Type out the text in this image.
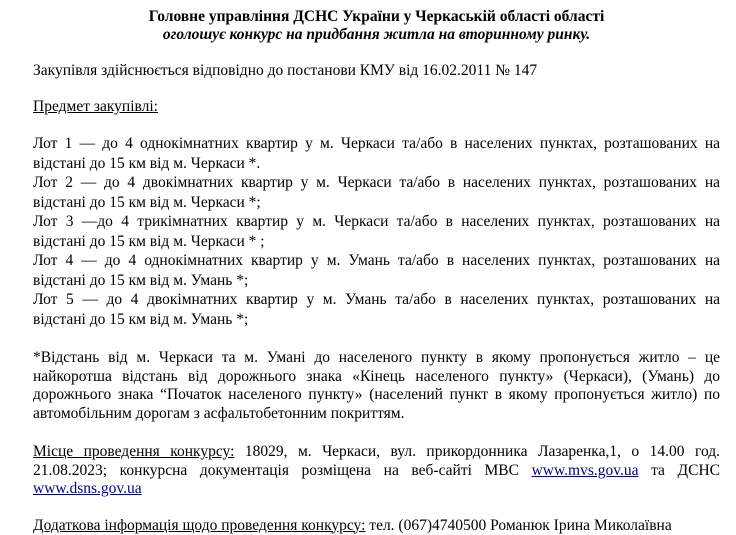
Головне управління ДСНС України у Черкаській області області
оголошує конкурс на придбання житла на вторинному ринку.

Закупівля здійснюється відповідно до постанови КМУ від 16.02.2011 № 147

Предмет закупівлі:

Лот 1 — до 4 однокімнатних квартир у м. Черкаси та/або в населених пунктах, розташованих на
відстані до 15 км від м. Черкаси *.
Лот 2 — до 4 двокімнатних квартир у м. Черкаси та/або в населених пунктах, розташованих на
відстані до 15 км від м. Черкаси *;
Лот 3 —до 4 трикімнатних квартир у м. Черкаси та/або в населених пунктах, розташованих на
відстані до 15 км від м. Черкаси * ;
Лот 4 — до 4 однокімнатних квартир у м. Умань та/або в населених пунктах, розташованих на
відстані до 15 км від м. Умань *;
Лот 5 — до 4 двокімнатних квартир у м. Умань та/або в населених пунктах, розташованих на
відстані до 15 км від м. Умань *;

*Відстань від м. Черкаси та м. Умані до населеного пункту в якому пропонується житло – це найкоротша відстань від дорожнього знака «Кінець населеного пункту» (Черкаси), (Умань) до дорожнього знака “Початок населеного пункту» (населений пункт в якому пропонується житло) по автомобільним дорогам з асфальтобетонним покриттям.

Місце проведення конкурсу: 18029, м. Черкаси, вул. прикордонника Лазаренка,1, о 14.00 год. 21.08.2023; конкурсна документація розміщена на веб-сайті МВС www.mvs.gov.ua та ДСНС www.dsns.gov.ua

Додаткова інформація щодо проведення конкурсу: тел. (067)4740500 Романюк Ірина Миколаївна
